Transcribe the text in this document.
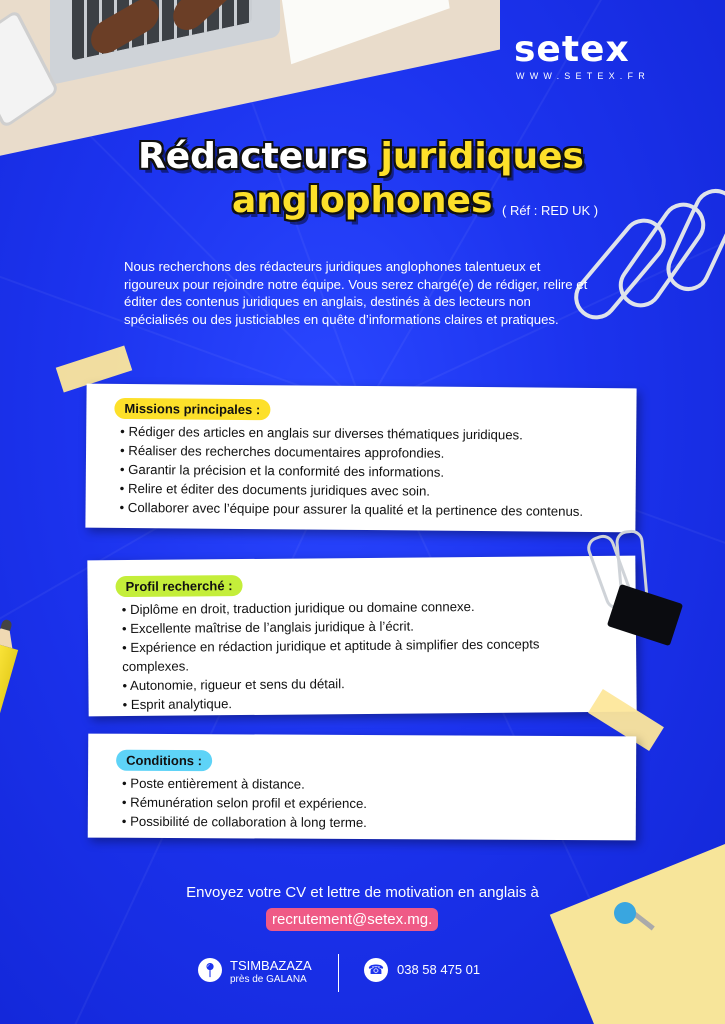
setex
WWW.SETEX.FR
Rédacteurs juridiques
anglophones ( Réf : RED UK )
Nous recherchons des rédacteurs juridiques anglophones talentueux et rigoureux pour rejoindre notre équipe. Vous serez chargé(e) de rédiger, relire et éditer des contenus juridiques en anglais, destinés à des lecteurs non spécialisés ou des justiciables en quête d’informations claires et pratiques.
Missions principales :
• Rédiger des articles en anglais sur diverses thématiques juridiques.
• Réaliser des recherches documentaires approfondies.
• Garantir la précision et la conformité des informations.
• Relire et éditer des documents juridiques avec soin.
• Collaborer avec l’équipe pour assurer la qualité et la pertinence des contenus.
Profil recherché :
• Diplôme en droit, traduction juridique ou domaine connexe.
• Excellente maîtrise de l’anglais juridique à l’écrit.
• Expérience en rédaction juridique et aptitude à simplifier des concepts complexes.
• Autonomie, rigueur et sens du détail.
• Esprit analytique.
Conditions :
• Poste entièrement à distance.
• Rémunération selon profil et expérience.
• Possibilité de collaboration à long terme.
Envoyez votre CV et lettre de motivation en anglais à
recrutement@setex.mg.
📍︎ TSIMBAZAZA
près de GALANA
☎︎ 038 58 475 01
